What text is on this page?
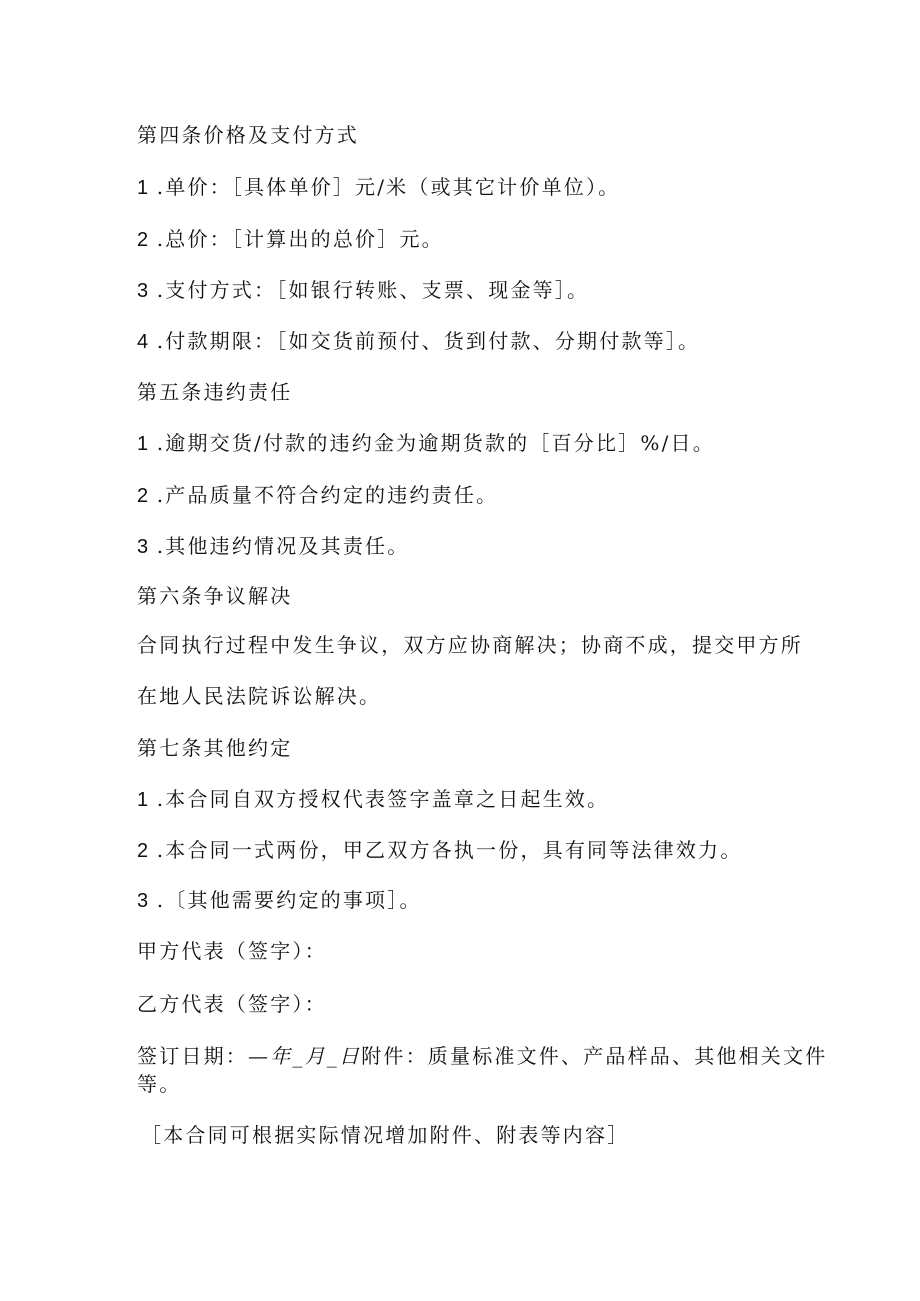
第四条价格及支付方式
1 .单价：［具体单价］元/米（或其它计价单位）。
2 .总价：［计算出的总价］元。
3 .支付方式：［如银行转账、支票、现金等］。
4 .付款期限：［如交货前预付、货到付款、分期付款等］。
第五条违约责任
1 .逾期交货/付款的违约金为逾期货款的［百分比］%/日。
2 .产品质量不符合约定的违约责任。
3 .其他违约情况及其责任。
第六条争议解决
合同执行过程中发生争议，双方应协商解决；协商不成，提交甲方所
在地人民法院诉讼解决。
第七条其他约定
1 .本合同自双方授权代表签字盖章之日起生效。
2 .本合同一式两份，甲乙双方各执一份，具有同等法律效力。
3 .〔其他需要约定的事项］。
甲方代表（签字）：
乙方代表（签字）：
签订日期：—年_月_日附件：质量标准文件、产品样品、其他相关文件
等。
［本合同可根据实际情况增加附件、附表等内容］
